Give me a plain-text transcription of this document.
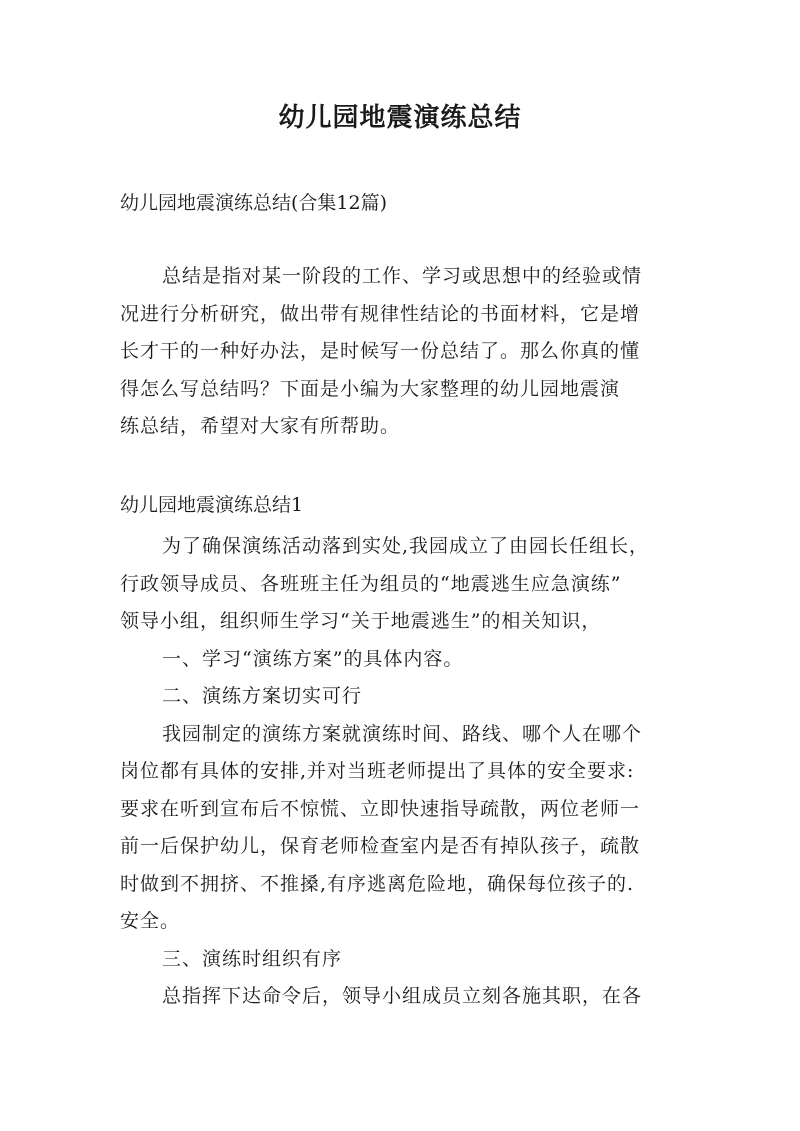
幼儿园地震演练总结

幼儿园地震演练总结(合集12篇)

总结是指对某一阶段的工作、学习或思想中的经验或情
况进行分析研究，做出带有规律性结论的书面材料，它是增
长才干的一种好办法，是时候写一份总结了。那么你真的懂
得怎么写总结吗？下面是小编为大家整理的幼儿园地震演
练总结，希望对大家有所帮助。

幼儿园地震演练总结1

为了确保演练活动落到实处,我园成立了由园长任组长，
行政领导成员、各班班主任为组员的“地震逃生应急演练”
领导小组，组织师生学习“关于地震逃生”的相关知识，
一、学习“演练方案”的具体内容。
二、演练方案切实可行
我园制定的演练方案就演练时间、路线、哪个人在哪个
岗位都有具体的安排,并对当班老师提出了具体的安全要求:
要求在听到宣布后不惊慌、立即快速指导疏散，两位老师一
前一后保护幼儿，保育老师检查室内是否有掉队孩子，疏散
时做到不拥挤、不推搡,有序逃离危险地，确保每位孩子的.
安全。
三、演练时组织有序
总指挥下达命令后，领导小组成员立刻各施其职，在各
